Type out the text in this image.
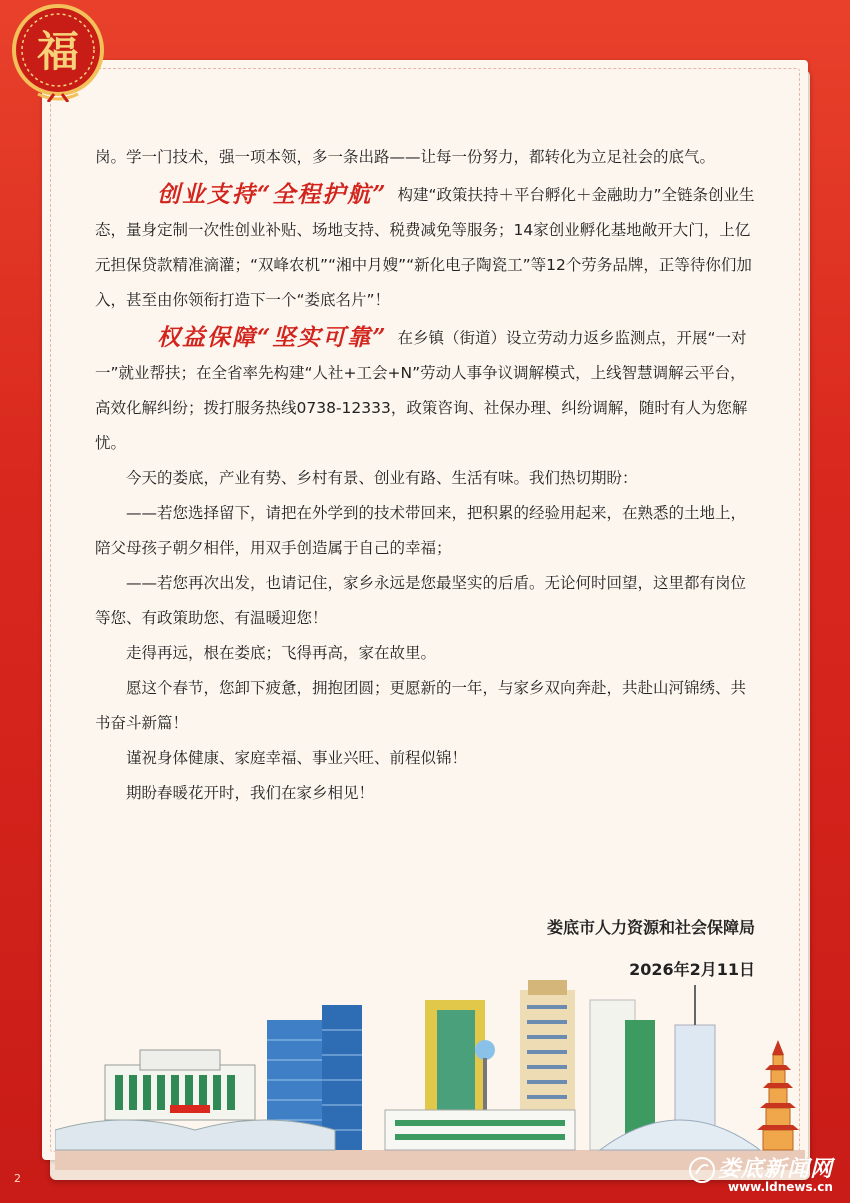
福

岗。学一门技术，强一项本领，多一条出路——让每一份努力，都转化为立足社会的底气。

创业支持“全程护航” 构建“政策扶持＋平台孵化＋金融助力”全链条创业生态，量身定制一次性创业补贴、场地支持、税费减免等服务；14家创业孵化基地敞开大门，上亿元担保贷款精准滴灌；“双峰农机”“湘中月嫂”“新化电子陶瓷工”等12个劳务品牌，正等待你们加入，甚至由你领衔打造下一个“娄底名片”！

权益保障“坚实可靠” 在乡镇（街道）设立劳动力返乡监测点，开展“一对一”就业帮扶；在全省率先构建“人社+工会+N”劳动人事争议调解模式，上线智慧调解云平台，高效化解纠纷；拨打服务热线0738-12333，政策咨询、社保办理、纠纷调解，随时有人为您解忧。

今天的娄底，产业有势、乡村有景、创业有路、生活有味。我们热切期盼：

——若您选择留下，请把在外学到的技术带回来，把积累的经验用起来，在熟悉的土地上，陪父母孩子朝夕相伴，用双手创造属于自己的幸福；

——若您再次出发，也请记住，家乡永远是您最坚实的后盾。无论何时回望，这里都有岗位等您、有政策助您、有温暖迎您！

走得再远，根在娄底；飞得再高，家在故里。

愿这个春节，您卸下疲惫，拥抱团圆；更愿新的一年，与家乡双向奔赴，共赴山河锦绣、共书奋斗新篇！

谨祝身体健康、家庭幸福、事业兴旺、前程似锦！

期盼春暖花开时，我们在家乡相见！

娄底市人力资源和社会保障局
2026年2月11日
2	娄底新闻网
www.ldnews.cn
